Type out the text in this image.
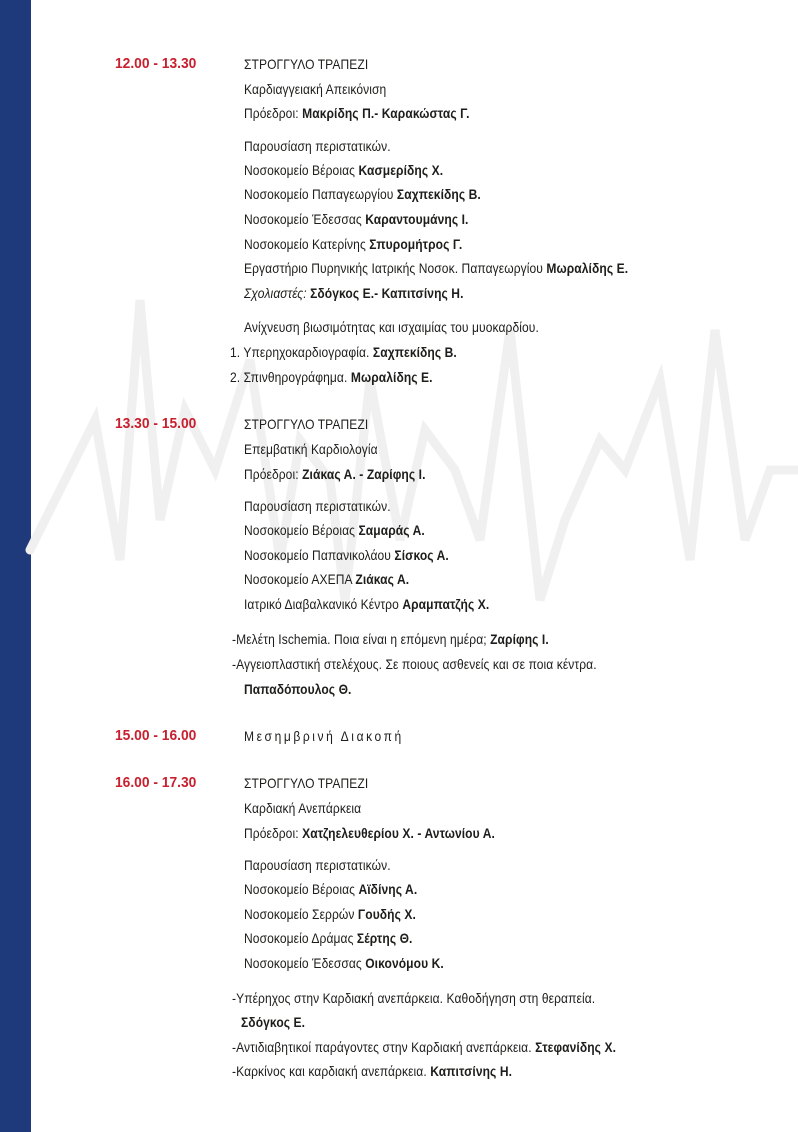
12.00 - 13.30	ΣΤΡΟΓΓΥΛΟ ΤΡΑΠΕΖΙ
Καρδιαγγειακή Απεικόνιση
Πρόεδροι: Μακρίδης Π.- Καρακώστας Γ.
Παρουσίαση περιστατικών.
Νοσοκομείο Βέροιας Κασμερίδης Χ.
Νοσοκομείο Παπαγεωργίου Σαχπεκίδης Β.
Νοσοκομείο Έδεσσας Καραντουμάνης Ι.
Νοσοκομείο Κατερίνης Σπυρομήτρος Γ.
Εργαστήριο Πυρηνικής Ιατρικής Νοσοκ. Παπαγεωργίου Μωραλίδης Ε.
Σχολιαστές: Σδόγκος Ε.- Καπιτσίνης Η.
Ανίχνευση βιωσιμότητας και ισχαιμίας του μυοκαρδίου.
1. Υπερηχοκαρδιογραφία. Σαχπεκίδης Β.
2. Σπινθηρογράφημα. Μωραλίδης Ε.
13.30 - 15.00	ΣΤΡΟΓΓΥΛΟ ΤΡΑΠΕΖΙ
Επεμβατική Καρδιολογία
Πρόεδροι: Ζιάκας Α. - Ζαρίφης Ι.
Παρουσίαση περιστατικών.
Νοσοκομείο Βέροιας Σαμαράς Α.
Νοσοκομείο Παπανικολάου Σίσκος Α.
Νοσοκομείο ΑΧΕΠΑ Ζιάκας Α.
Ιατρικό Διαβαλκανικό Κέντρο Αραμπατζής Χ.
-Μελέτη Ischemia. Ποια είναι η επόμενη ημέρα; Ζαρίφης Ι.
-Αγγειοπλαστική στελέχους. Σε ποιους ασθενείς και σε ποια κέντρα.
Παπαδόπουλος Θ.
15.00 - 16.00	Μεσημβρινή Διακοπή
16.00 - 17.30	ΣΤΡΟΓΓΥΛΟ ΤΡΑΠΕΖΙ
Καρδιακή Ανεπάρκεια
Πρόεδροι: Χατζηελευθερίου Χ. - Αντωνίου Α.
Παρουσίαση περιστατικών.
Νοσοκομείο Βέροιας Αϊδίνης Α.
Νοσοκομείο Σερρών Γουδής Χ.
Νοσοκομείο Δράμας Σέρτης Θ.
Νοσοκομείο Έδεσσας Οικονόμου Κ.
-Υπέρηχος στην Καρδιακή ανεπάρκεια. Καθοδήγηση στη θεραπεία.
Σδόγκος Ε.
-Αντιδιαβητικοί παράγοντες στην Καρδιακή ανεπάρκεια. Στεφανίδης Χ.
-Καρκίνος και καρδιακή ανεπάρκεια. Καπιτσίνης Η.
